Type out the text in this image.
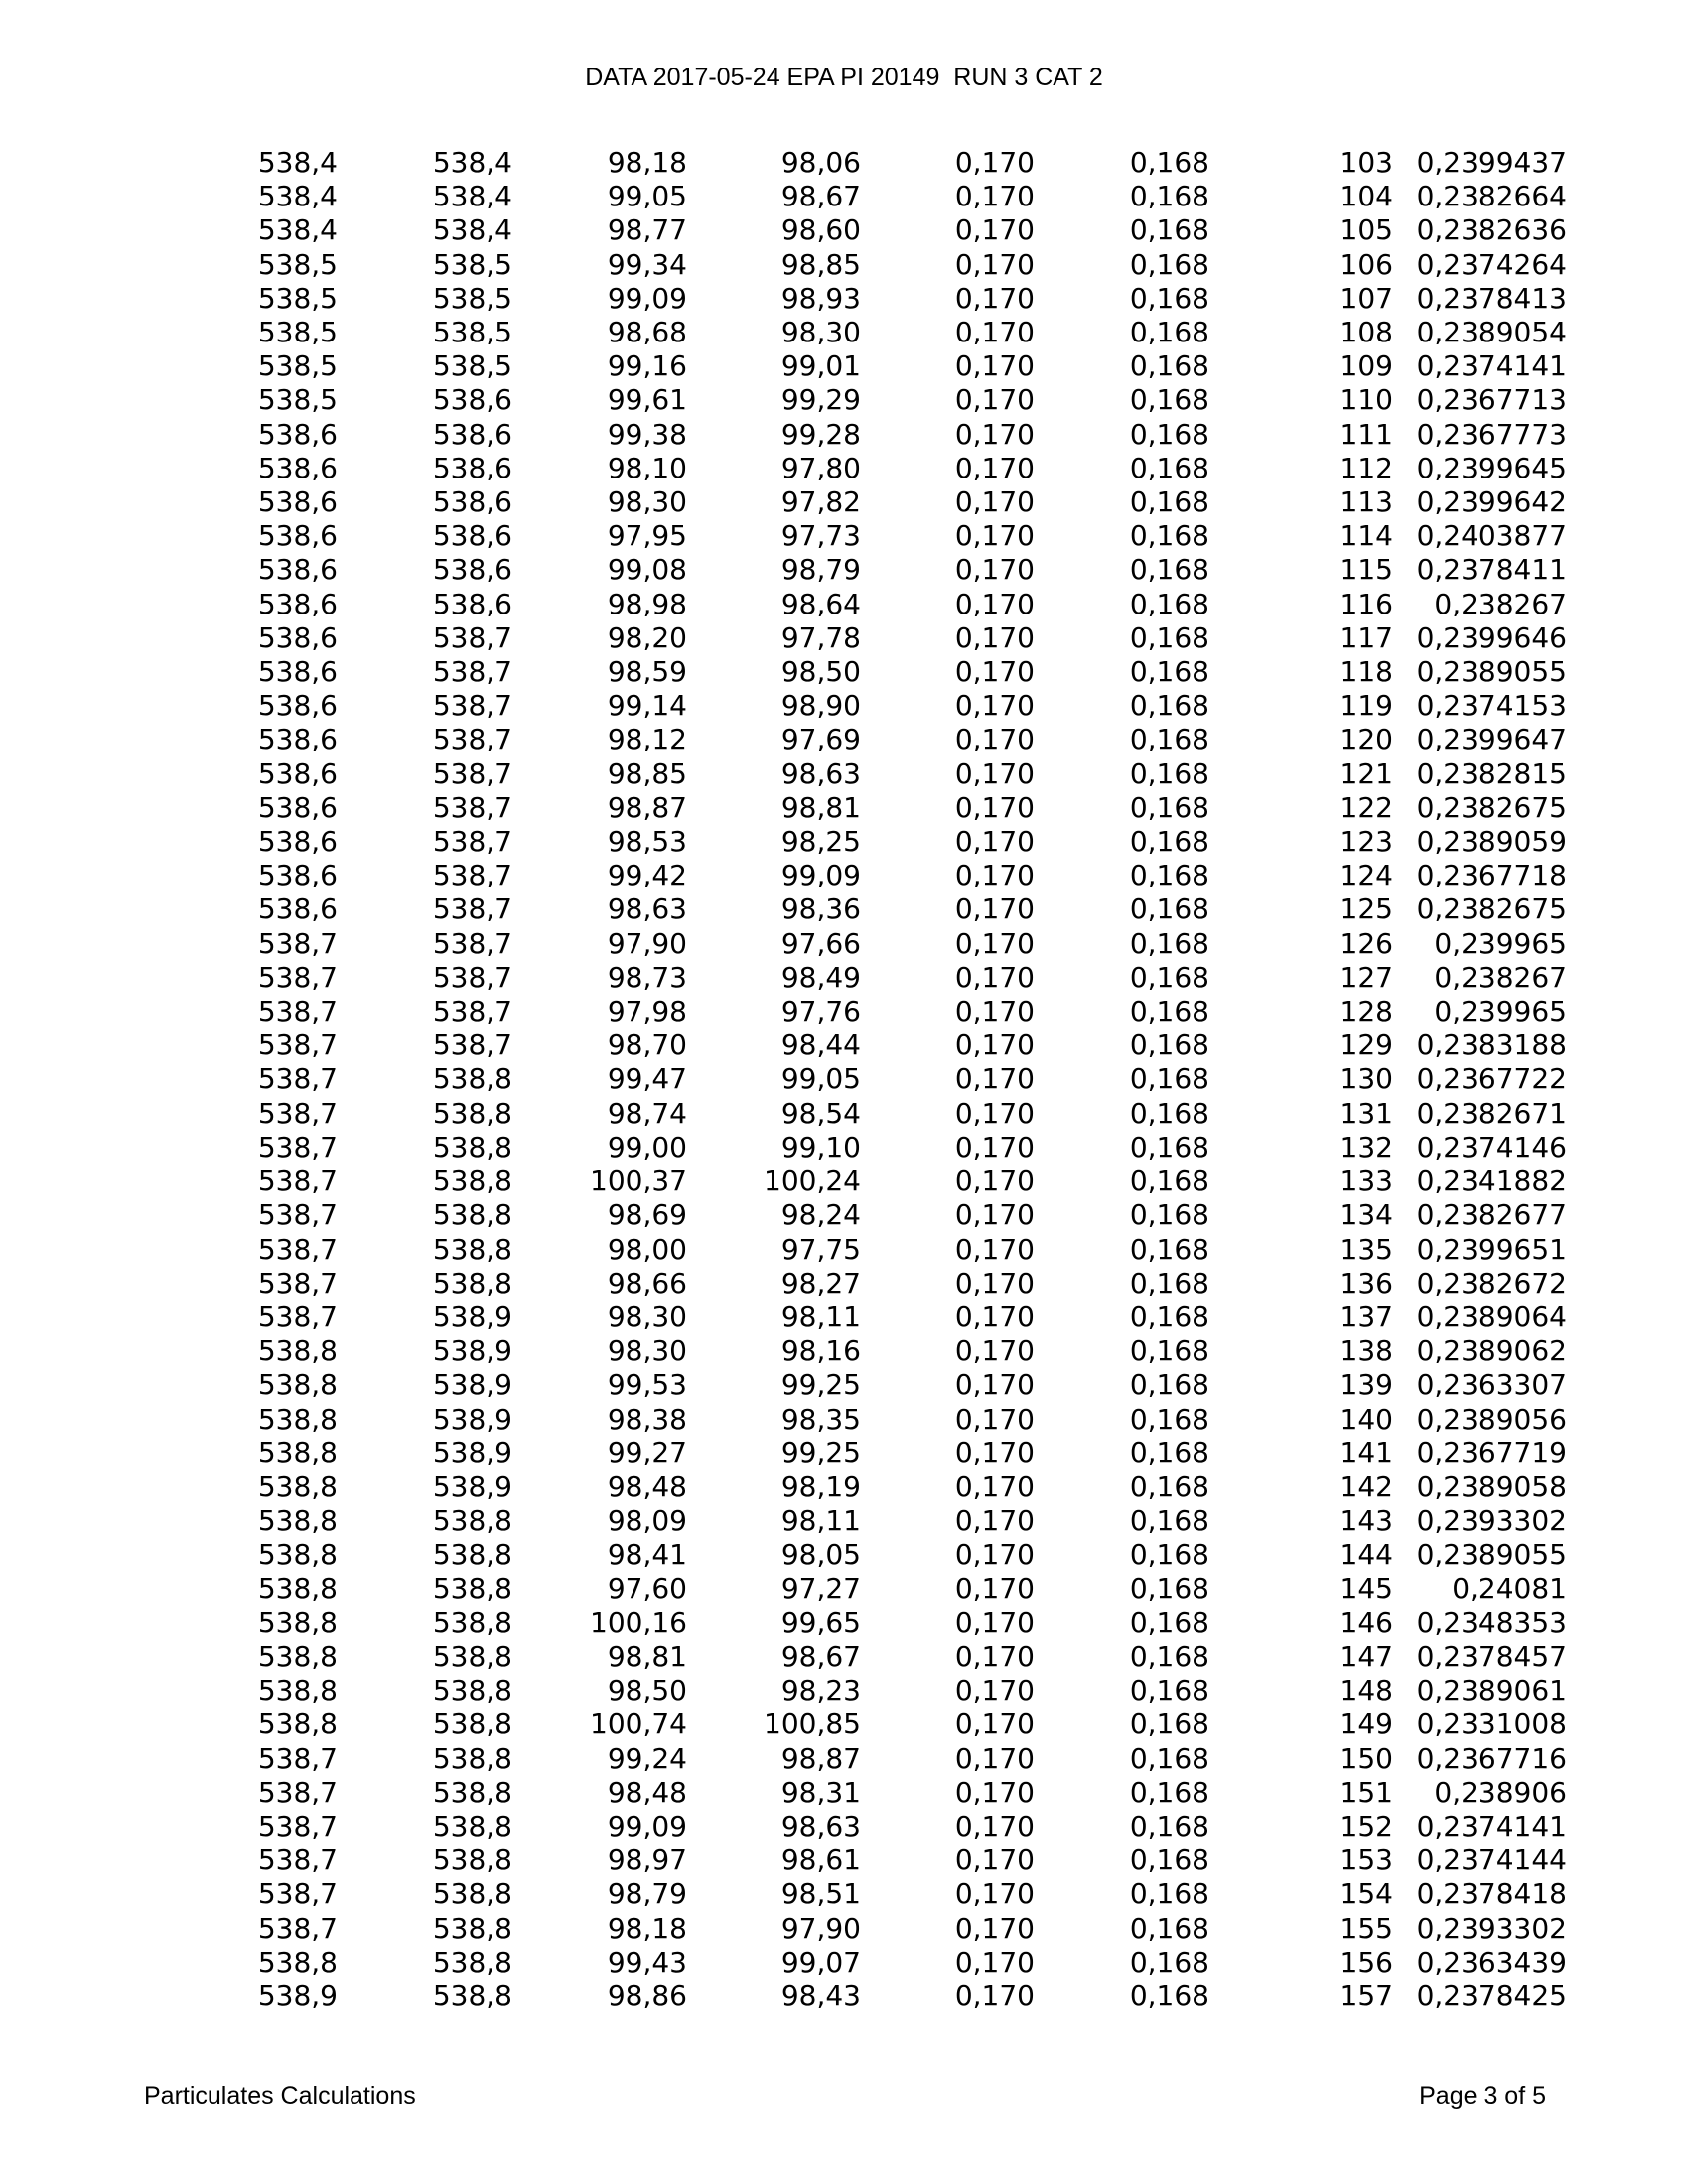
DATA 2017-05-24 EPA PI 20149  RUN 3 CAT 2
538,4	538,4	98,18	98,06	0,170	0,168	103	0,2399437
538,4	538,4	99,05	98,67	0,170	0,168	104	0,2382664
538,4	538,4	98,77	98,60	0,170	0,168	105	0,2382636
538,5	538,5	99,34	98,85	0,170	0,168	106	0,2374264
538,5	538,5	99,09	98,93	0,170	0,168	107	0,2378413
538,5	538,5	98,68	98,30	0,170	0,168	108	0,2389054
538,5	538,5	99,16	99,01	0,170	0,168	109	0,2374141
538,5	538,6	99,61	99,29	0,170	0,168	110	0,2367713
538,6	538,6	99,38	99,28	0,170	0,168	111	0,2367773
538,6	538,6	98,10	97,80	0,170	0,168	112	0,2399645
538,6	538,6	98,30	97,82	0,170	0,168	113	0,2399642
538,6	538,6	97,95	97,73	0,170	0,168	114	0,2403877
538,6	538,6	99,08	98,79	0,170	0,168	115	0,2378411
538,6	538,6	98,98	98,64	0,170	0,168	116	0,238267
538,6	538,7	98,20	97,78	0,170	0,168	117	0,2399646
538,6	538,7	98,59	98,50	0,170	0,168	118	0,2389055
538,6	538,7	99,14	98,90	0,170	0,168	119	0,2374153
538,6	538,7	98,12	97,69	0,170	0,168	120	0,2399647
538,6	538,7	98,85	98,63	0,170	0,168	121	0,2382815
538,6	538,7	98,87	98,81	0,170	0,168	122	0,2382675
538,6	538,7	98,53	98,25	0,170	0,168	123	0,2389059
538,6	538,7	99,42	99,09	0,170	0,168	124	0,2367718
538,6	538,7	98,63	98,36	0,170	0,168	125	0,2382675
538,7	538,7	97,90	97,66	0,170	0,168	126	0,239965
538,7	538,7	98,73	98,49	0,170	0,168	127	0,238267
538,7	538,7	97,98	97,76	0,170	0,168	128	0,239965
538,7	538,7	98,70	98,44	0,170	0,168	129	0,2383188
538,7	538,8	99,47	99,05	0,170	0,168	130	0,2367722
538,7	538,8	98,74	98,54	0,170	0,168	131	0,2382671
538,7	538,8	99,00	99,10	0,170	0,168	132	0,2374146
538,7	538,8	100,37	100,24	0,170	0,168	133	0,2341882
538,7	538,8	98,69	98,24	0,170	0,168	134	0,2382677
538,7	538,8	98,00	97,75	0,170	0,168	135	0,2399651
538,7	538,8	98,66	98,27	0,170	0,168	136	0,2382672
538,7	538,9	98,30	98,11	0,170	0,168	137	0,2389064
538,8	538,9	98,30	98,16	0,170	0,168	138	0,2389062
538,8	538,9	99,53	99,25	0,170	0,168	139	0,2363307
538,8	538,9	98,38	98,35	0,170	0,168	140	0,2389056
538,8	538,9	99,27	99,25	0,170	0,168	141	0,2367719
538,8	538,9	98,48	98,19	0,170	0,168	142	0,2389058
538,8	538,8	98,09	98,11	0,170	0,168	143	0,2393302
538,8	538,8	98,41	98,05	0,170	0,168	144	0,2389055
538,8	538,8	97,60	97,27	0,170	0,168	145	0,24081
538,8	538,8	100,16	99,65	0,170	0,168	146	0,2348353
538,8	538,8	98,81	98,67	0,170	0,168	147	0,2378457
538,8	538,8	98,50	98,23	0,170	0,168	148	0,2389061
538,8	538,8	100,74	100,85	0,170	0,168	149	0,2331008
538,7	538,8	99,24	98,87	0,170	0,168	150	0,2367716
538,7	538,8	98,48	98,31	0,170	0,168	151	0,238906
538,7	538,8	99,09	98,63	0,170	0,168	152	0,2374141
538,7	538,8	98,97	98,61	0,170	0,168	153	0,2374144
538,7	538,8	98,79	98,51	0,170	0,168	154	0,2378418
538,7	538,8	98,18	97,90	0,170	0,168	155	0,2393302
538,8	538,8	99,43	99,07	0,170	0,168	156	0,2363439
538,9	538,8	98,86	98,43	0,170	0,168	157	0,2378425
Particulates Calculations	Page 3 of 5
